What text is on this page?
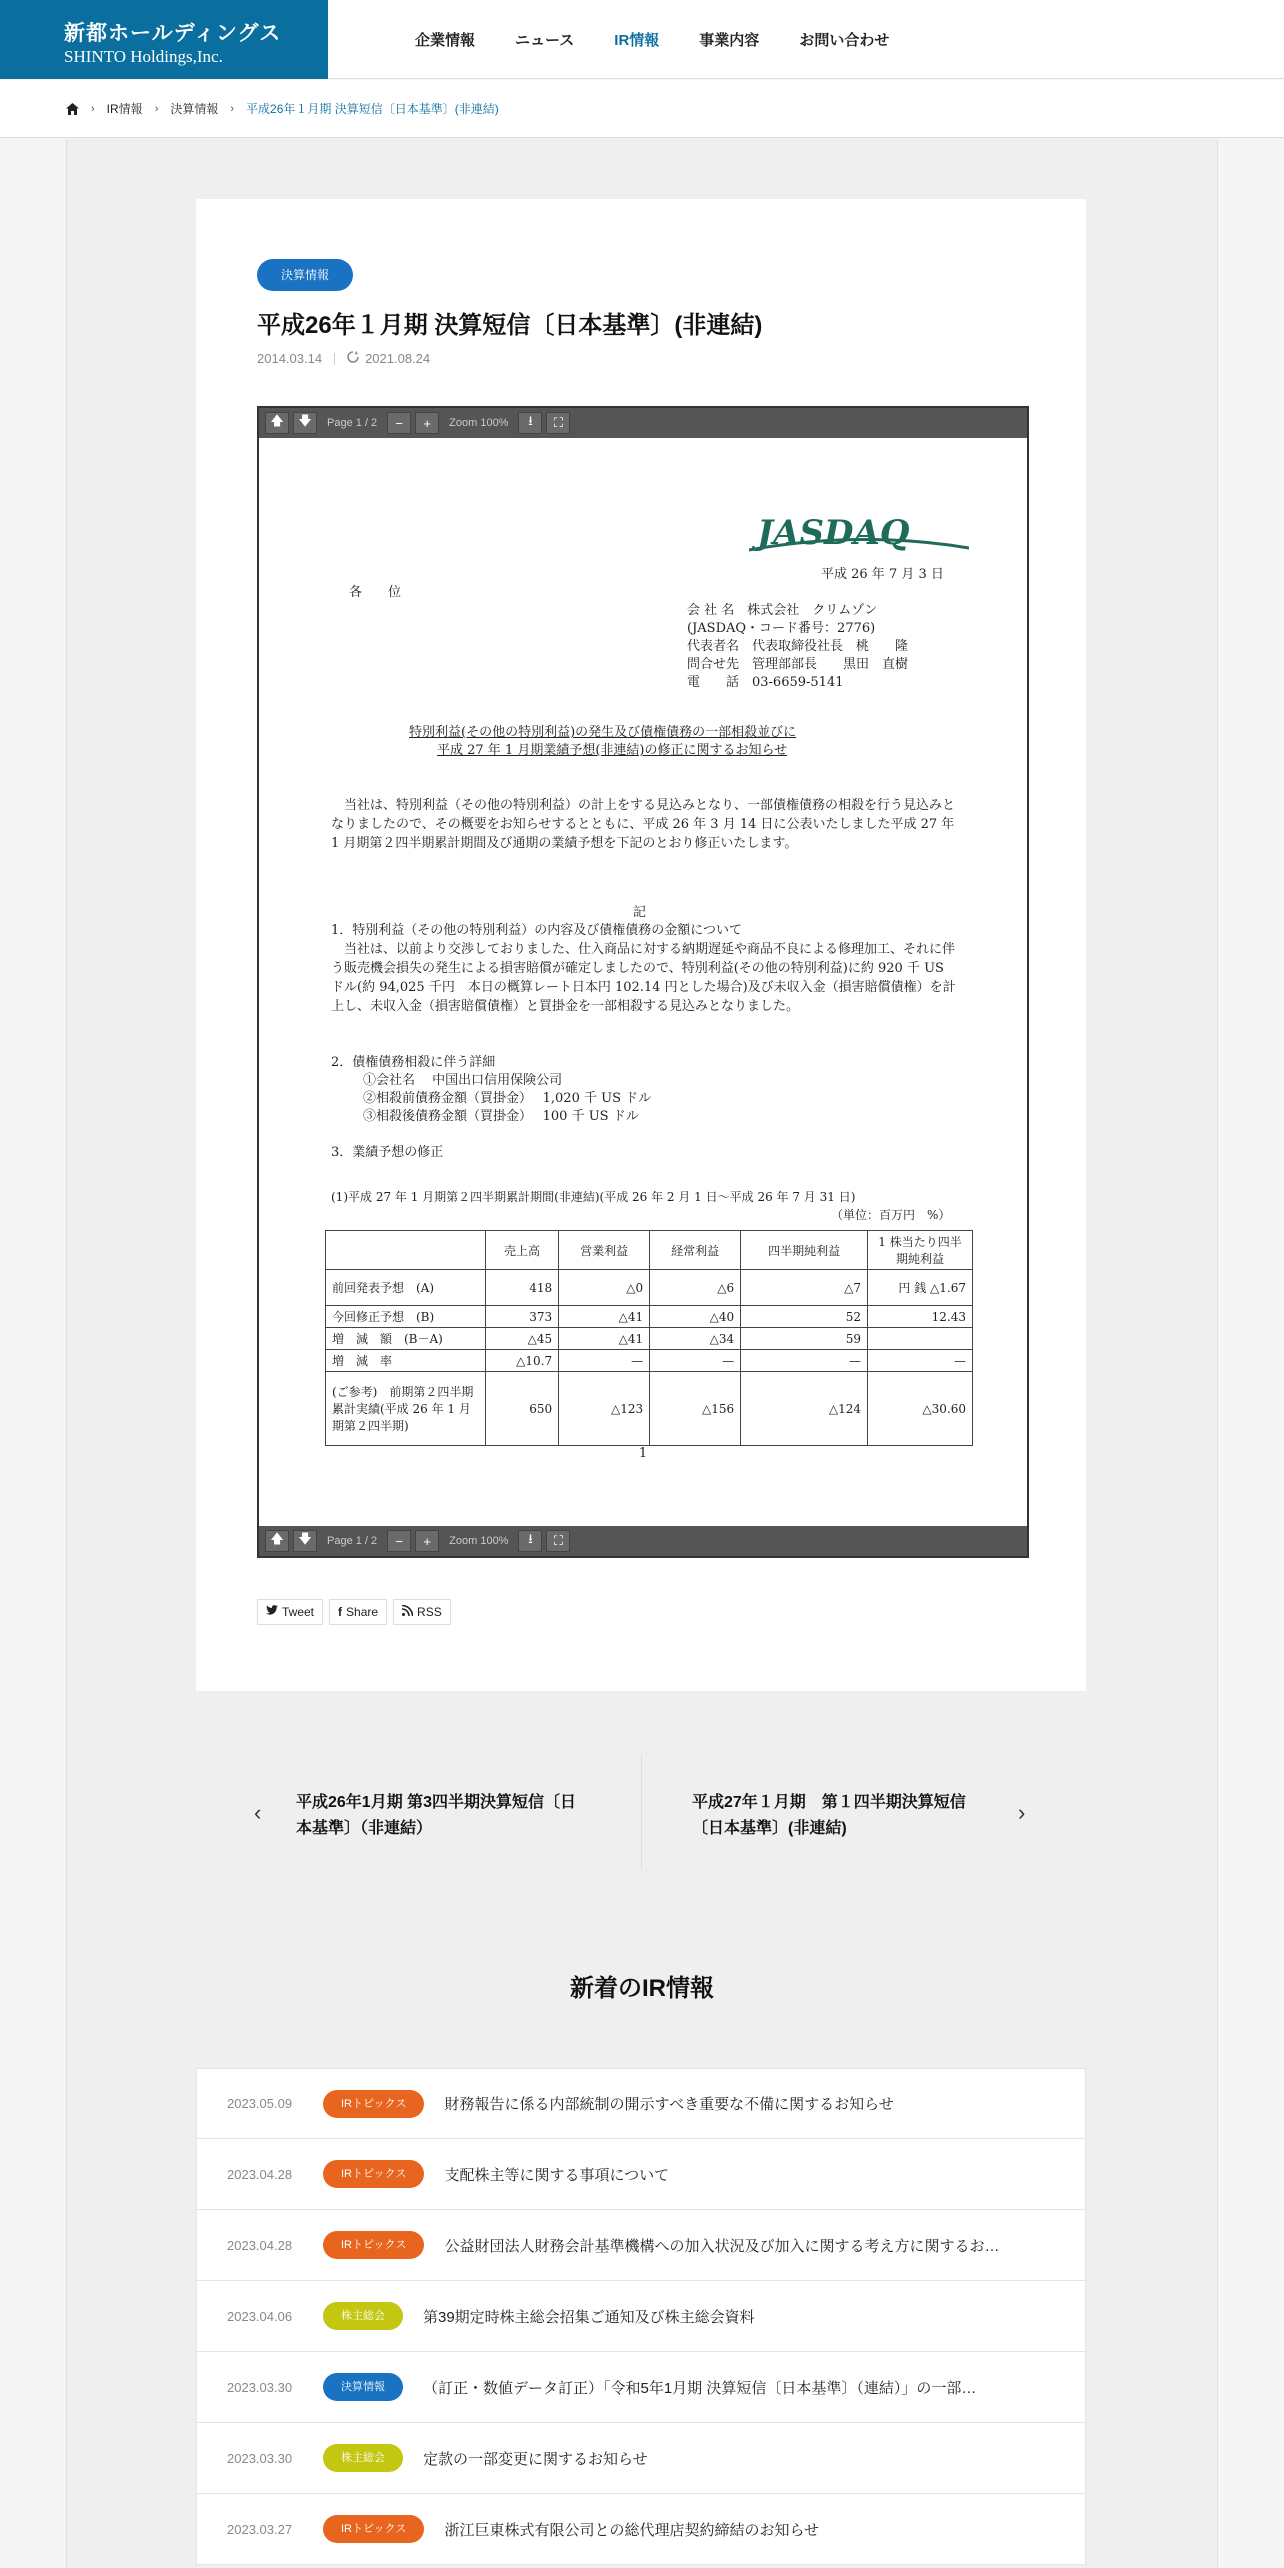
新都ホールディングス
SHINTO Holdings,Inc.
企業情報	ニュース	IR情報	事業内容	お問い合わせ
› IR情報 › 決算情報 › 平成26年１月期 決算短信〔日本基準〕(非連結)
決算情報
平成26年１月期 決算短信〔日本基準〕(非連結)
2014.03.14	2021.08.24
🡅	🡇	Page 1 / 2	−	+	Zoom 100%	⭳	⛶
JASDAQ
平成 26 年 7 月 3 日
各　　位
会 社 名　株式会社　クリムゾン
(JASDAQ・コード番号：2776)
代表者名　代表取締役社長　桃　　隆
問合せ先　管理部部長　　黒田　直樹
電　　話　03-6659-5141
特別利益(その他の特別利益)の発生及び債権債務の一部相殺並びに
平成 27 年 1 月期業績予想(非連結)の修正に関するお知らせ
当社は、特別利益（その他の特別利益）の計上をする見込みとなり、一部債権債務の相殺を行う見込みとなりましたので、その概要をお知らせするとともに、平成 26 年 3 月 14 日に公表いたしました平成 27 年 1 月期第２四半期累計期間及び通期の業績予想を下記のとおり修正いたします。
記
1．特別利益（その他の特別利益）の内容及び債権債務の金額について
当社は、以前より交渉しておりました、仕入商品に対する納期遅延や商品不良による修理加工、それに伴う販売機会損失の発生による損害賠償が確定しましたので、特別利益(その他の特別利益)に約 920 千 US ドル(約 94,025 千円　本日の概算レート日本円 102.14 円とした場合)及び未収入金（損害賠償債権）を計上し、未収入金（損害賠償債権）と買掛金を一部相殺する見込みとなりました。
2．債権債務相殺に伴う詳細
①会社名　 中国出口信用保険公司
②相殺前債務金額（買掛金）　 1,020 千 US ドル
③相殺後債務金額（買掛金）　 100 千 US ドル
3．業績予想の修正
(1)平成 27 年 1 月期第２四半期累計期間(非連結)(平成 26 年 2 月 1 日～平成 26 年 7 月 31 日)
（単位：百万円　%）
	売上高	営業利益	経常利益	四半期純利益	1 株当たり四半期純利益
前回発表予想　(A)	418	△0	△6	△7	円 銭 △1.67
今回修正予想　(B)	373	△41	△40	52	12.43
増　減　額　(B－A)	△45	△41	△34	59	
増　減　率	△10.7	—	—	—	—
(ご参考)　前期第２四半期累計実績(平成 26 年 1 月期第２四半期)	650	△123	△156	△124	△30.60
1
🡅	🡇	Page 1 / 2	−	+	Zoom 100%	⭳	⛶
Tweet f Share	RSS
‹ 平成26年1月期 第3四半期決算短信〔日本基準〕（非連結）
平成27年１月期　第１四半期決算短信〔日本基準〕(非連結)
›
新着のIR情報
2023.05.09	IRトピックス	財務報告に係る内部統制の開示すべき重要な不備に関するお知らせ
2023.04.28	IRトピックス	支配株主等に関する事項について
2023.04.28	IRトピックス	公益財団法人財務会計基準機構への加入状況及び加入に関する考え方に関するお…
2023.04.06	株主総会	第39期定時株主総会招集ご通知及び株主総会資料
2023.03.30	決算情報	（訂正・数値データ訂正）「令和5年1月期 決算短信〔日本基準〕（連結）」の一部…
2023.03.30	株主総会	定款の一部変更に関するお知らせ
2023.03.27	IRトピックス	浙江巨東株式有限公司との総代理店契約締結のお知らせ
